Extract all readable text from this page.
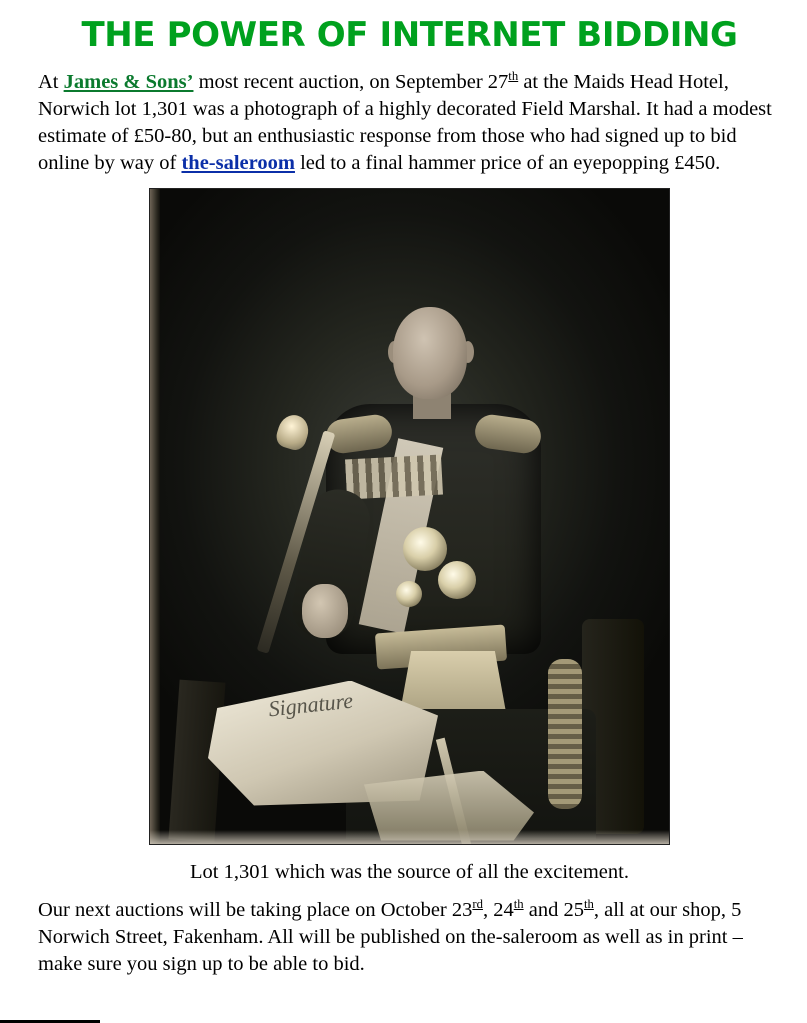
THE POWER OF INTERNET BIDDING

At James & Sons’ most recent auction, on September 27th at the Maids Head Hotel, Norwich lot 1,301 was a photograph of a highly decorated Field Marshal. It had a modest estimate of £50-80, but an enthusiastic response from those who had signed up to bid online by way of the-saleroom led to a final hammer price of an eyepopping £450.

Signature

Lot 1,301 which was the source of all the excitement.

Our next auctions will be taking place on October 23rd, 24th and 25th, all at our shop, 5 Norwich Street, Fakenham. All will be published on the-saleroom as well as in print – make sure you sign up to be able to bid.
